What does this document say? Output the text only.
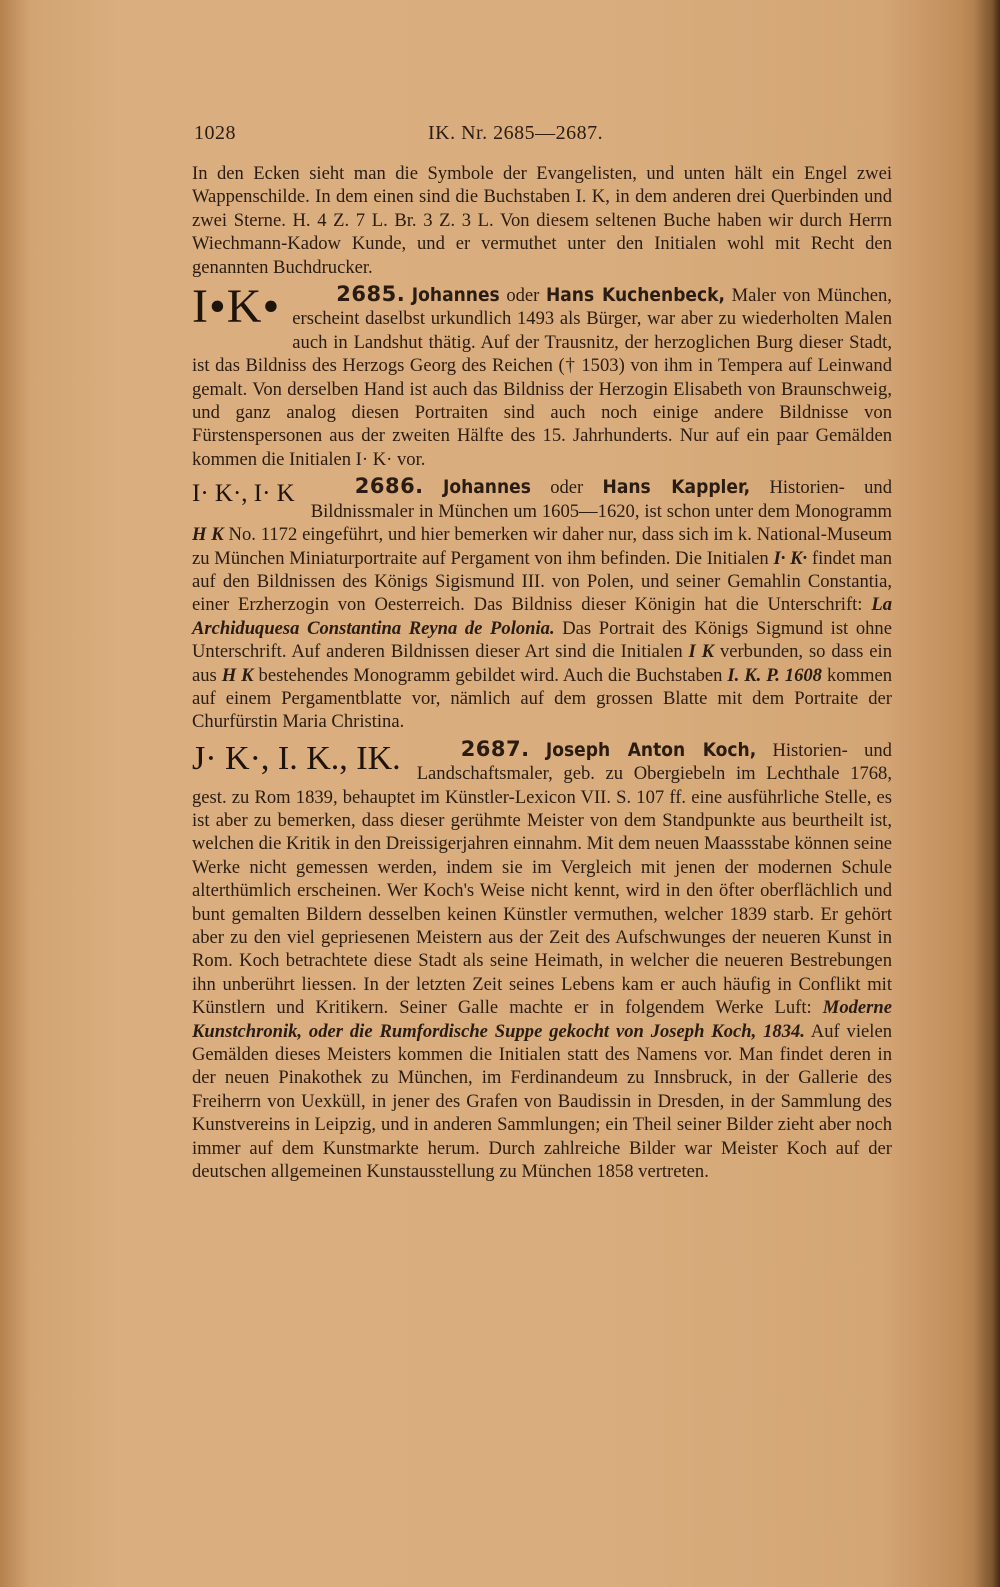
1028	IK. Nr. 2685—2687.

In den Ecken sieht man die Symbole der Evangelisten, und unten hält ein Engel zwei Wappenschilde. In dem einen sind die Buchstaben I. K, in dem anderen drei Querbinden und zwei Sterne. H. 4 Z. 7 L. Br. 3 Z. 3 L. Von diesem seltenen Buche haben wir durch Herrn Wiechmann-Kadow Kunde, und er vermuthet unter den Initialen wohl mit Recht den genannten Buchdrucker.

2685. Johannes oder Hans Kuchenbeck,
I•K•	Maler von München, erscheint daselbst urkundlich 1493 als Bürger, war aber zu wiederholten Malen auch in Landshut thätig. Auf der Trausnitz, der herzoglichen Burg dieser Stadt, ist das Bildniss des Herzogs Georg des Reichen († 1503) von ihm in Tempera auf Leinwand gemalt. Von derselben Hand ist auch das Bildniss der Herzogin Elisabeth von Braunschweig, und ganz analog diesen Portraiten sind auch noch einige andere Bildnisse von Fürstenspersonen aus der zweiten Hälfte des 15. Jahrhunderts. Nur auf ein paar Gemälden kommen die Initialen I· K· vor.

2686. Johannes oder Hans Kappler,
I· K·, I· K	Historien- und Bildnissmaler in München um 1605—1620, ist schon unter dem Monogramm H K No. 1172 eingeführt, und hier bemerken wir daher nur, dass sich im k. National-Museum zu München Miniaturportraite auf Pergament von ihm befinden. Die Initialen I· K· findet man auf den Bildnissen des Königs Sigismund III. von Polen, und seiner Gemahlin Constantia, einer Erzherzogin von Oesterreich. Das Bildniss dieser Königin hat die Unterschrift: La Archiduquesa Constantina Reyna de Polonia. Das Portrait des Königs Sigmund ist ohne Unterschrift. Auf anderen Bildnissen dieser Art sind die Initialen I K verbunden, so dass ein aus H K bestehendes Monogramm gebildet wird. Auch die Buchstaben I. K. P. 1608 kommen auf einem Pergamentblatte vor, nämlich auf dem grossen Blatte mit dem Portraite der Churfürstin Maria Christina.

2687. Joseph Anton Koch,
J· K·, I. K., IK.	Historien- und Landschaftsmaler, geb. zu Obergiebeln im Lechthale 1768, gest. zu Rom 1839, behauptet im Künstler-Lexicon VII. S. 107 ff. eine ausführliche Stelle, es ist aber zu bemerken, dass dieser gerühmte Meister von dem Standpunkte aus beurtheilt ist, welchen die Kritik in den Dreissigerjahren einnahm. Mit dem neuen Maassstabe können seine Werke nicht gemessen werden, indem sie im Vergleich mit jenen der modernen Schule alterthümlich erscheinen. Wer Koch's Weise nicht kennt, wird in den öfter oberflächlich und bunt gemalten Bildern desselben keinen Künstler vermuthen, welcher 1839 starb. Er gehört aber zu den viel gepriesenen Meistern aus der Zeit des Aufschwunges der neueren Kunst in Rom. Koch betrachtete diese Stadt als seine Heimath, in welcher die neueren Bestrebungen ihn unberührt liessen. In der letzten Zeit seines Lebens kam er auch häufig in Conflikt mit Künstlern und Kritikern. Seiner Galle machte er in folgendem Werke Luft: Moderne Kunstchronik, oder die Rumfordische Suppe gekocht von Joseph Koch, 1834. Auf vielen Gemälden dieses Meisters kommen die Initialen statt des Namens vor. Man findet deren in der neuen Pinakothek zu München, im Ferdinandeum zu Innsbruck, in der Gallerie des Freiherrn von Uexküll, in jener des Grafen von Baudissin in Dresden, in der Sammlung des Kunstvereins in Leipzig, und in anderen Sammlungen; ein Theil seiner Bilder zieht aber noch immer auf dem Kunstmarkte herum. Durch zahlreiche Bilder war Meister Koch auf der deutschen allgemeinen Kunstausstellung zu München 1858 vertreten.
